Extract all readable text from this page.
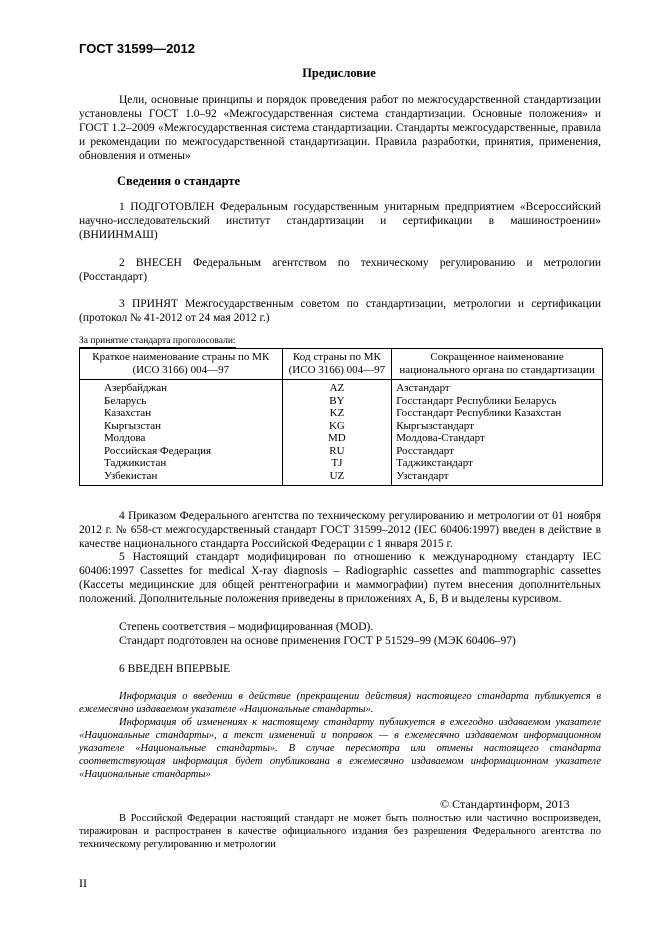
ГОСТ 31599—2012
Предисловие
Цели, основные принципы и порядок проведения работ по межгосударственной стандартизации установлены ГОСТ 1.0–92 «Межгосударственная система стандартизации. Основные положения» и ГОСТ 1.2–2009 «Межгосударственная система стандартизации. Стандарты межгосударственные, правила и рекомендации по межгосударственной стандартизации. Правила разработки, принятия, применения, обновления и отмены»
Сведения о стандарте
1 ПОДГОТОВЛЕН Федеральным государственным унитарным предприятием «Всероссийский научно-исследовательский институт стандартизации и сертификации в машиностроении» (ВНИИНМАШ)
2 ВНЕСЕН Федеральным агентством по техническому регулированию и метрологии (Росстандарт)
3 ПРИНЯТ Межгосударственным советом по стандартизации, метрологии и сертификации (протокол № 41-2012 от 24 мая 2012 г.)
За принятие стандарта проголосовали:
Краткое наименование страны по МК (ИСО 3166) 004—97	Код страны по МК (ИСО 3166) 004—97	Сокращенное наименование национального органа по стандартизации
Азербайджан	AZ	Азстандарт
Беларусь	BY	Госстандарт Республики Беларусь
Казахстан	KZ	Госстандарт Республики Казахстан
Кыргызстан	KG	Кыргызстандарт
Молдова	MD	Молдова-Стандарт
Российская Федерация	RU	Росстандарт
Таджикистан	TJ	Таджикстандарт
Узбекистан	UZ	Узстандарт
4 Приказом Федерального агентства по техническому регулированию и метрологии от 01 ноября 2012 г. № 658-ст межгосударственный стандарт ГОСТ 31599–2012 (IEC 60406:1997) введен в действие в качестве национального стандарта Российской Федерации с 1 января 2015 г.
5 Настоящий стандарт модифицирован по отношению к международному стандарту IEC 60406:1997 Cassettes for medical X-ray diagnosis – Radiographic cassettes and mammographic cassettes (Кассеты медицинские для общей рентгенографии и маммографии) путем внесения дополнительных положений. Дополнительные положения приведены в приложениях А, Б, В и выделены курсивом.
Степень соответствия – модифицированная (MOD).
Стандарт подготовлен на основе применения ГОСТ Р 51529–99 (МЭК 60406–97)
6 ВВЕДЕН ВПЕРВЫЕ
Информация о введении в действие (прекращении действия) настоящего стандарта публикуется в ежемесячно издаваемом указателе «Национальные стандарты».
Информация об изменениях к настоящему стандарту публикуется в ежегодно издаваемом указателе «Национальные стандарты», а текст изменений и поправок — в ежемесячно издаваемом информационном указателе «Национальные стандарты». В случае пересмотра или отмены настоящего стандарта соответствующая информация будет опубликована в ежемесячно издаваемом информационном указателе «Национальные стандарты»
© Стандартинформ, 2013
В Российской Федерации настоящий стандарт не может быть полностью или частично воспроизведен, тиражирован и распространен в качестве официального издания без разрешения Федерального агентства по техническому регулированию и метрологии
II
